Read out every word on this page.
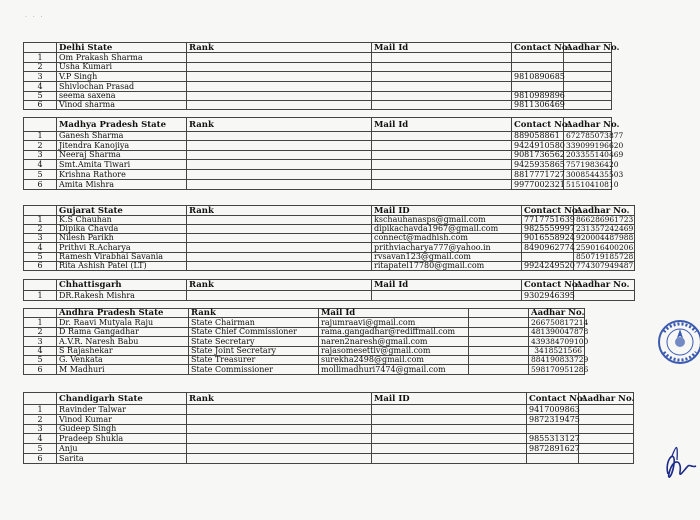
· · ·
	Delhi State	Rank	Mail Id	Contact No.	Aadhar No.
1	Om Prakash Sharma				
2	Usha Kumari				
3	V.P Singh			9810890685	
4	Shivlochan Prasad				
5	seema saxena			9810989896	
6	Vinod sharma			9811306469	
	Madhya Pradesh State	Rank	Mail Id	Contact No.	Aadhar No.
1	Ganesh Sharma			889058861	672785073877
2	Jitendra Kanojiya			9424910580	339099196620
3	Neeraj Sharma			9081736562	203355140469
4	Smt.Amita Tiwari			9425935865	75719836420
5	Krishna Rathore			8817771727	300854435503
6	Amita Mishra			9977002321	51510410810
	Gujarat State	Rank	Mail ID	Contact No.	Aadhar No.
1	K.S Chauhan		kschauhanasps@gmail.com	7717751639	866286961723
2	Dipika Chavda		dipikachavda1967@gmail.com	9825559997	231357242469
3	Nilesh Parikh		connect@madhish.com	9016558924	920004487988
4	Prithvi R.Acharya		prithviacharya777@yahoo.in	8490962774	259016400206
5	Ramesh Virabhai Savania		rvsavan123@gmail.com		850719185728
6	Rita Ashish Patel (LT)		ritapatel17780@gmail.com	9924249520	774307949487
	Chhattisgarh	Rank	Mail Id	Contact No.	Aadhar No.
1	DR.Rakesh Mishra			9302946395	
	Andhra Pradesh State	Rank	Mail Id		Aadhar No.
1	Dr. Raavi Mutyala Raju	State Chairman	rajumraavi@gmail.com		266750817214
2	D Rama Gangadhar	State Chief Commissioner	rama.gangadhar@rediffmail.com		481390047878
3	A.V.R. Naresh Babu	State Secretary	naren2naresh@gmail.com		439384709100
4	S Rajashekar	State Joint Secretary	rajasomesettiv@gmail.com		3418521566
5	G. Venkata	State Treasurer	surekha2498@gmail.com		884190833729
6	M Madhuri	State Commissioner	mollimadhuri7474@gmail.com		598170951286
	Chandigarh State	Rank	Mail ID	Contact No.	Aadhar No.
1	Ravinder Talwar			9417009863	
2	Vinod Kumar			9872319475	
3	Gudeep Singh				
4	Pradeep Shukla			9855313127	
5	Anju			9872891627	
6	Sarita				
